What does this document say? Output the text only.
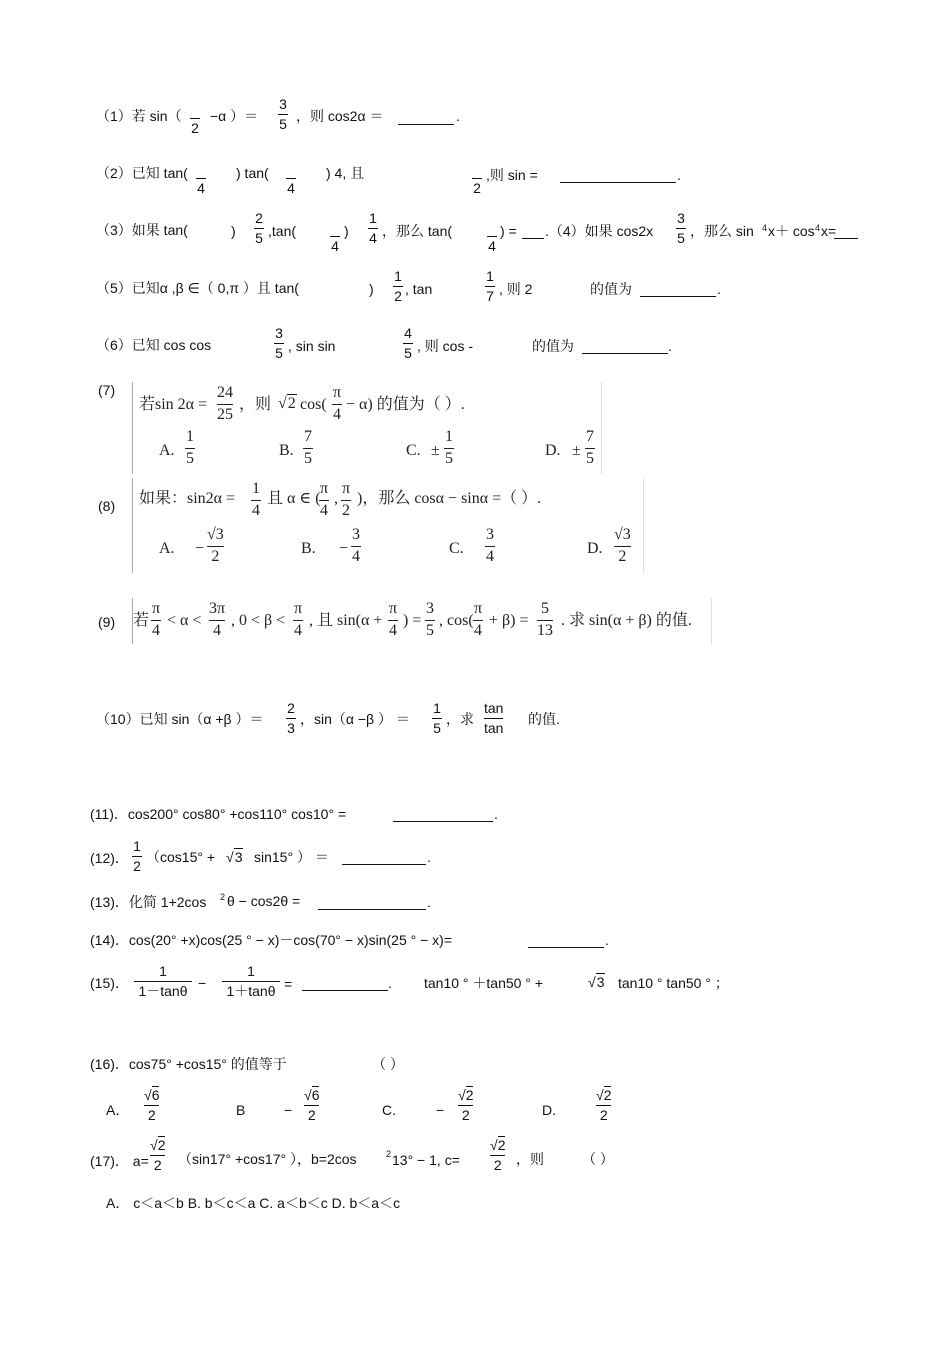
（1）若 sin（

2
−α ）＝
3
5 ，则 cos2α ＝	.
（2）已知 tan(

4
) tan(

4
) 4, 且

2
,则 sin =	.
（3）如果 tan(	)
2
5 ,tan(

4
)
1
4 ，那么 tan(

4
) = .（4）如果 cos2x
3
5 ，那么 sin 4 x＋ cos 4 x=
（5）已知α ,β ∈（ 0,π ）且 tan(	)
1
2 , tan
1
7 , 则 2	的值为	.
（6）已知 cos cos
3
5 , sin sin
4
5 , 则 cos -	的值为	.
(7)
若sin 2α =
24
25
，则 √2 cos(
π
4
− α) 的值为（ ）.
A.
1
5	B.
7
5	C. ±
1
5	D. ±
7
5
(8) 如果：sin2α =
1
4
且 α ∈ (
π
4
,
π
2
)，那么 cosα − sinα =（ ）.
A. −
√3
2	B. −
3
4	C.
3
4	D.
√3
2
(9) 若
π
4
< α <
3π
4
, 0 < β <
π
4
, 且 sin(α +
π
4
) =
3
5
, cos(
π
4
+ β) =
5
13
. 求 sin(α + β) 的值.
（10）已知 sin（α +β ）＝
2
3
，sin（α −β ） ＝
1
5
，求
tan
tan
的值.
(11)．cos200° cos80° +cos110° cos10° =	.
(12)．
1
2
（cos15° + √3 sin15° ） ＝	.
(13)．化简 1+2cos 2 θ − cos2θ =	.
(14)．cos(20° +x)cos(25 ° − x)－cos(70° − x)sin(25 ° − x)=	.
(15)．
1
1－tanθ −
1
1＋tanθ =	. tan10 ° ＋tan50 ° +	√3 tan10 ° tan50 ° ；
(16)．cos75° +cos15° 的值等于	（ ）
A．
√6
2	B	−
√6
2	C.	−
√2
2	D.
√2
2
(17)． a=
√2
2 （sin17° +cos17° ），b=2cos	2 13° − 1, c=
√2
2 ，则	（ ）
A． c＜a＜b B. b＜c＜a C. a＜b＜c D. b＜a＜c
